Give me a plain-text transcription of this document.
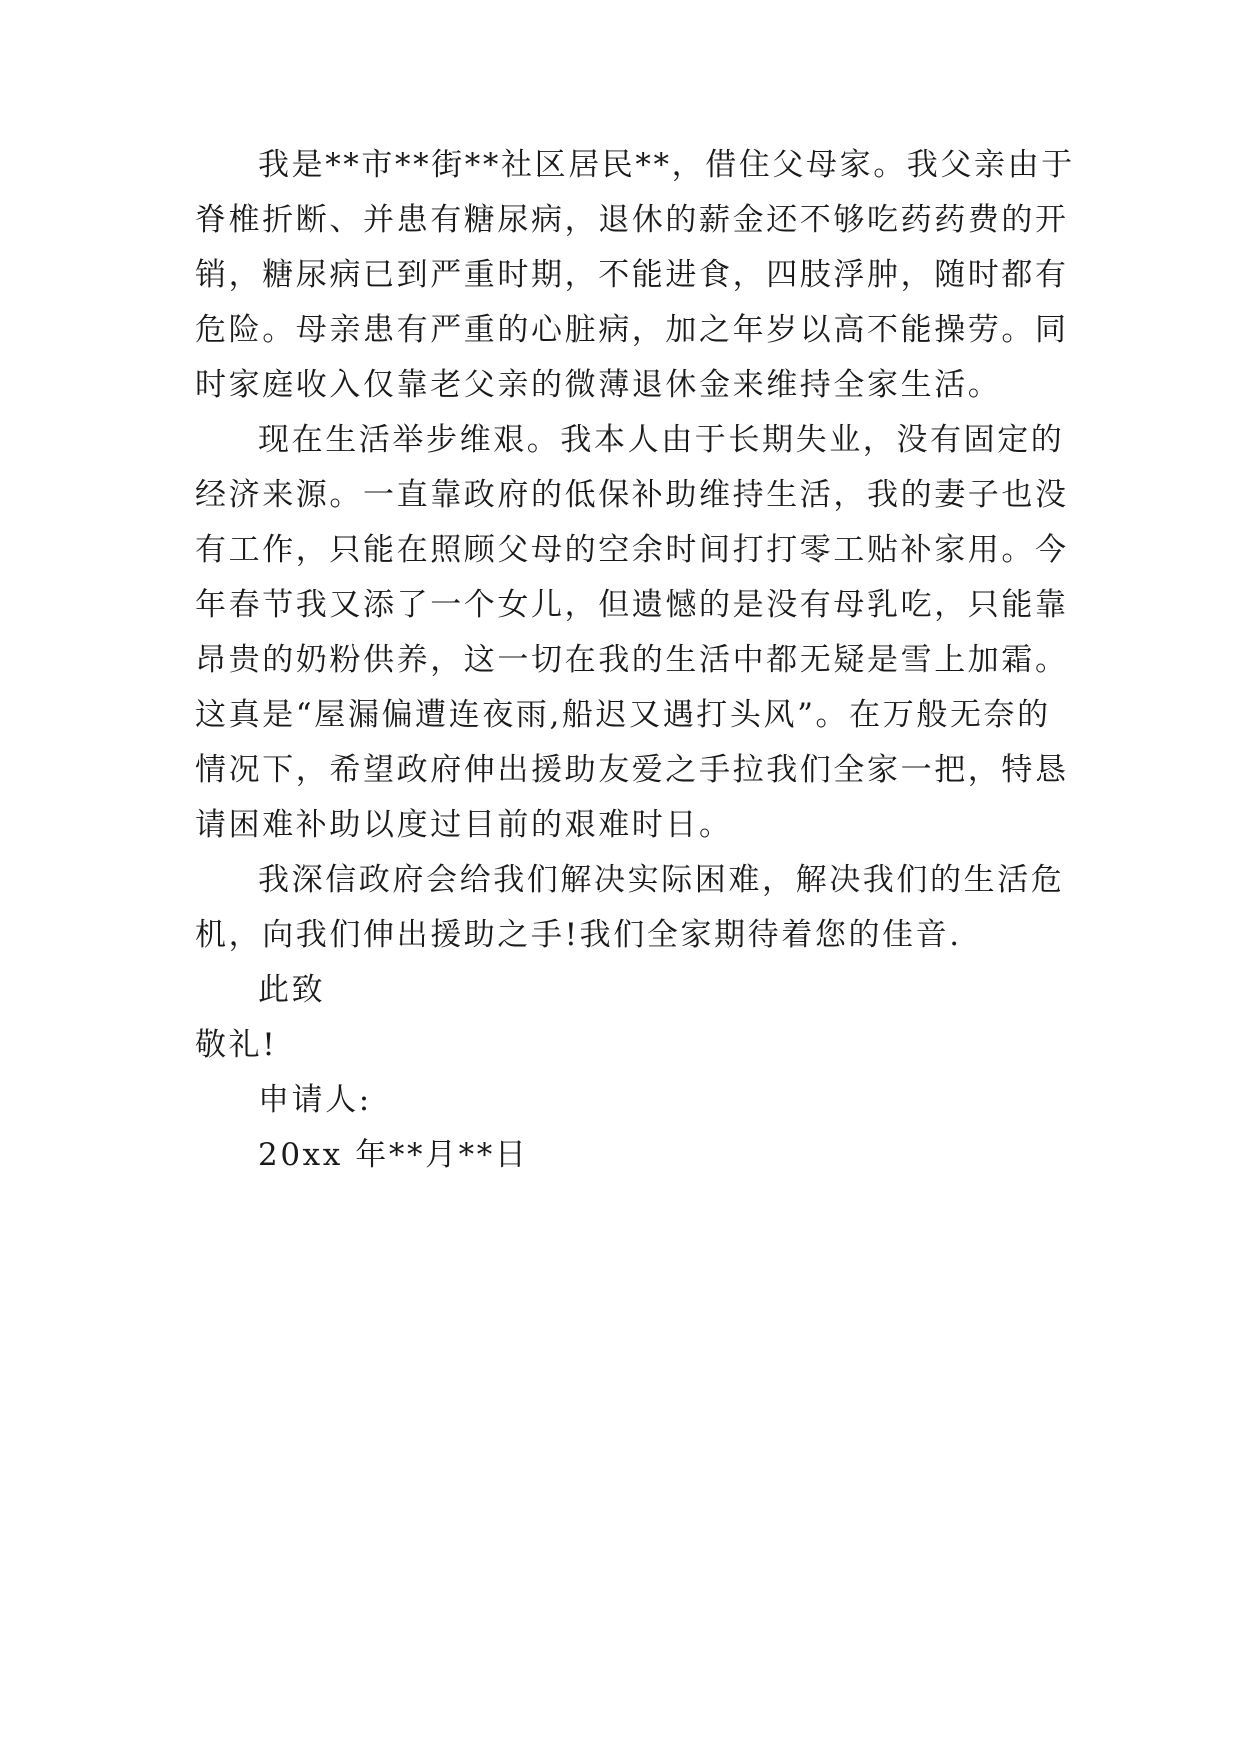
我是**市**街**社区居民**，借住父母家。我父亲由于
脊椎折断、并患有糖尿病，退休的薪金还不够吃药药费的开
销，糖尿病已到严重时期，不能进食，四肢浮肿，随时都有
危险。母亲患有严重的心脏病，加之年岁以高不能操劳。同
时家庭收入仅靠老父亲的微薄退休金来维持全家生活。
现在生活举步维艰。我本人由于长期失业，没有固定的
经济来源。一直靠政府的低保补助维持生活，我的妻子也没
有工作，只能在照顾父母的空余时间打打零工贴补家用。今
年春节我又添了一个女儿，但遗憾的是没有母乳吃，只能靠
昂贵的奶粉供养，这一切在我的生活中都无疑是雪上加霜。
这真是“屋漏偏遭连夜雨,船迟又遇打头风”。在万般无奈的
情况下，希望政府伸出援助友爱之手拉我们全家一把，特恳
请困难补助以度过目前的艰难时日。
我深信政府会给我们解决实际困难，解决我们的生活危
机，向我们伸出援助之手!我们全家期待着您的佳音.
此致
敬礼!
申请人:
20xx 年**月**日
